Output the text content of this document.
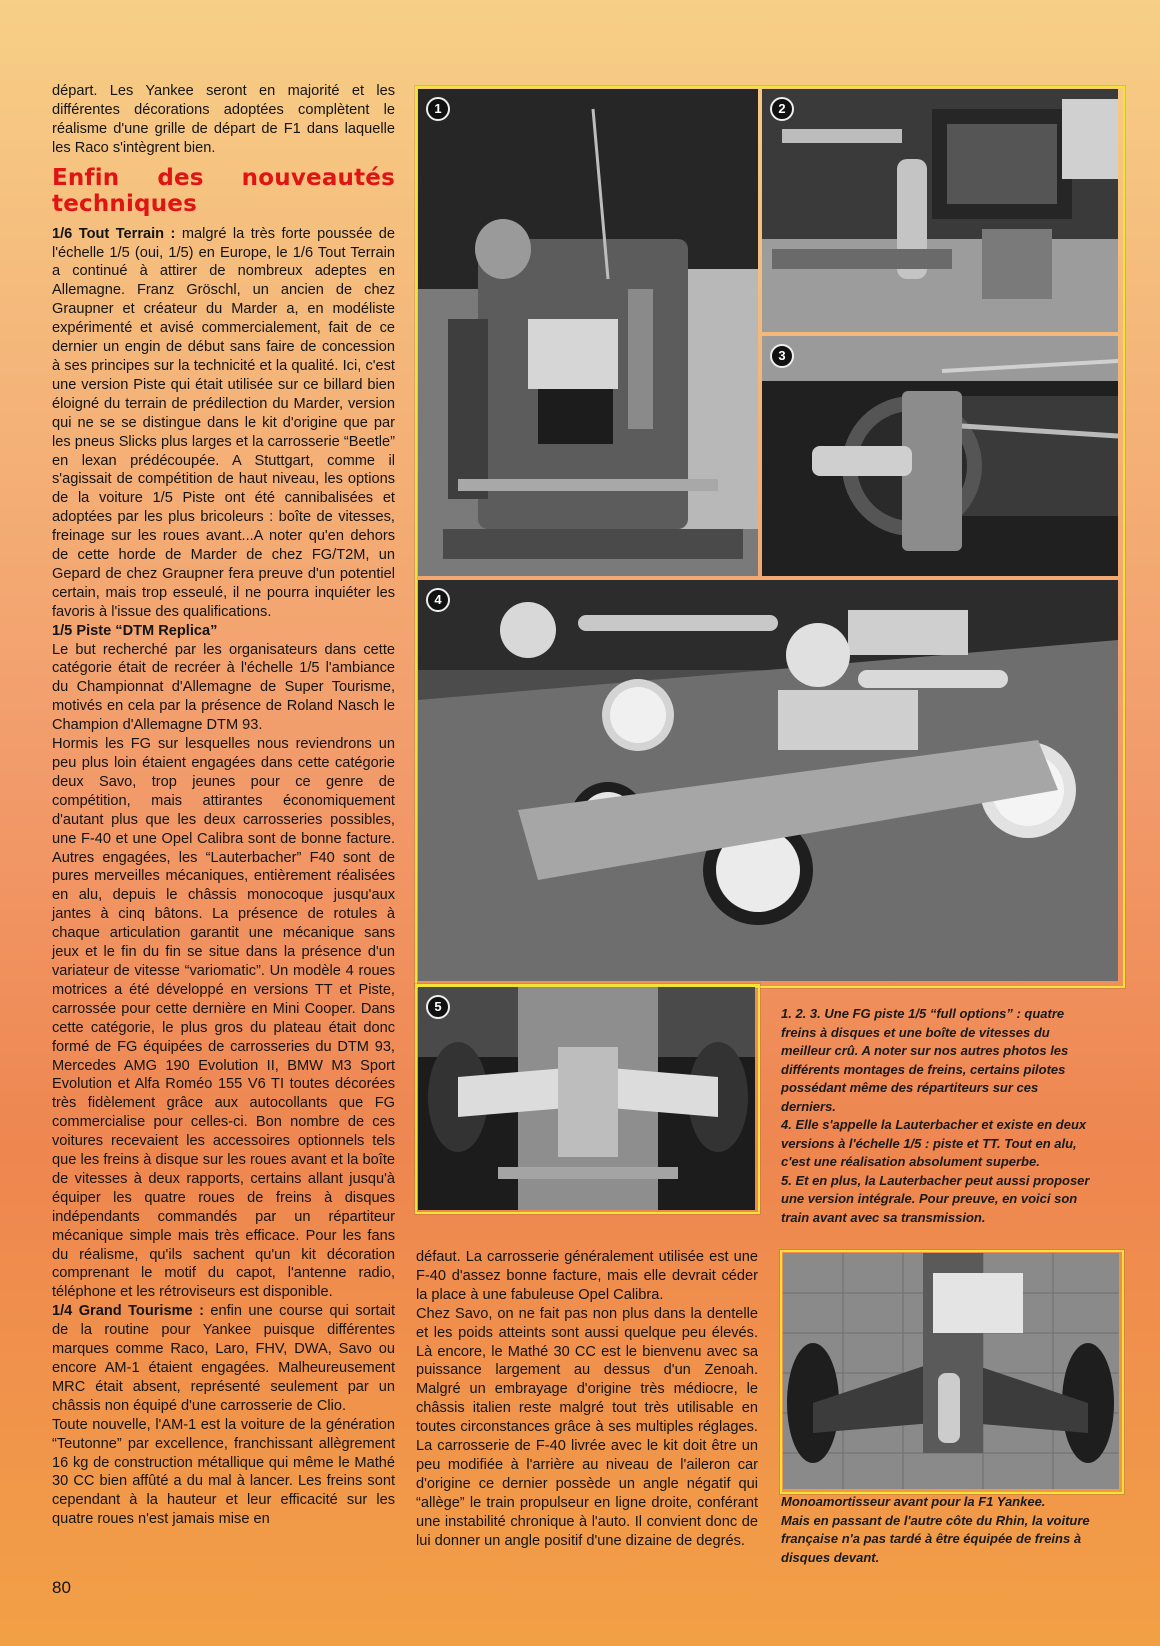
départ. Les Yankee seront en majorité et les différentes décorations adoptées complètent le réalisme d'une grille de départ de F1 dans laquelle les Raco s'intègrent bien.

Enfin des nouveautés techniques

1/6 Tout Terrain : malgré la très forte poussée de l'échelle 1/5 (oui, 1/5) en Europe, le 1/6 Tout Terrain a continué à attirer de nombreux adeptes en Allemagne. Franz Gröschl, un ancien de chez Graupner et créateur du Marder a, en modéliste expérimenté et avisé commercialement, fait de ce dernier un engin de début sans faire de concession à ses principes sur la technicité et la qualité. Ici, c'est une version Piste qui était utilisée sur ce billard bien éloigné du terrain de prédilection du Marder, version qui ne se se distingue dans le kit d'origine que par les pneus Slicks plus larges et la carrosserie “Beetle” en lexan prédécoupée. A Stuttgart, comme il s'agissait de compétition de haut niveau, les options de la voiture 1/5 Piste ont été cannibalisées et adoptées par les plus bricoleurs : boîte de vitesses, freinage sur les roues avant...A noter qu'en dehors de cette horde de Marder de chez FG/T2M, un Gepard de chez Graupner fera preuve d'un potentiel certain, mais trop esseulé, il ne pourra inquiéter les favoris à l'issue des qualifications.

1/5 Piste “DTM Replica”

Le but recherché par les organisateurs dans cette catégorie était de recréer à l'échelle 1/5 l'ambiance du Championnat d'Allemagne de Super Tourisme, motivés en cela par la présence de Roland Nasch le Champion d'Allemagne DTM 93.

Hormis les FG sur lesquelles nous reviendrons un peu plus loin étaient engagées dans cette catégorie deux Savo, trop jeunes pour ce genre de compétition, mais attirantes économiquement d'autant plus que les deux carrosseries possibles, une F-40 et une Opel Calibra sont de bonne facture. Autres engagées, les “Lauterbacher” F40 sont de pures merveilles mécaniques, entièrement réalisées en alu, depuis le châssis monocoque jusqu'aux jantes à cinq bâtons. La présence de rotules à chaque articulation garantit une mécanique sans jeux et le fin du fin se situe dans la présence d'un variateur de vitesse “variomatic”. Un modèle 4 roues motrices a été développé en versions TT et Piste, carrossée pour cette dernière en Mini Cooper. Dans cette catégorie, le plus gros du plateau était donc formé de FG équipées de carrosseries du DTM 93, Mercedes AMG 190 Evolution II, BMW M3 Sport Evolution et Alfa Roméo 155 V6 TI toutes décorées très fidèlement grâce aux autocollants que FG commercialise pour celles-ci. Bon nombre de ces voitures recevaient les accessoires optionnels tels que les freins à disque sur les roues avant et la boîte de vitesses à deux rapports, certains allant jusqu'à équiper les quatre roues de freins à disques indépendants commandés par un répartiteur mécanique simple mais très efficace. Pour les fans du réalisme, qu'ils sachent qu'un kit décoration comprenant le motif du capot, l'antenne radio, téléphone et les rétroviseurs est disponible.

1/4 Grand Tourisme : enfin une course qui sortait de la routine pour Yankee puisque différentes marques comme Raco, Laro, FHV, DWA, Savo ou encore AM-1 étaient engagées. Malheureusement MRC était absent, représenté seulement par un châssis non équipé d'une carrosserie de Clio.

Toute nouvelle, l'AM-1 est la voiture de la génération “Teutonne” par excellence, franchissant allègrement 16 kg de construction métallique qui même le Mathé 30 CC bien affûté a du mal à lancer. Les freins sont cependant à la hauteur et leur efficacité sur les quatre roues n'est jamais mise en

défaut. La carrosserie généralement utilisée est une F-40 d'assez bonne facture, mais elle devrait céder la place à une fabuleuse Opel Calibra.

Chez Savo, on ne fait pas non plus dans la dentelle et les poids atteints sont aussi quelque peu élevés. Là encore, le Mathé 30 CC est le bienvenu avec sa puissance largement au dessus d'un Zenoah. Malgré un embrayage d'origine très médiocre, le châssis italien reste malgré tout très utilisable en toutes circonstances grâce à ses multiples réglages. La carrosserie de F-40 livrée avec le kit doit être un peu modifiée à l'arrière au niveau de l'aileron car d'origine ce dernier possède un angle négatif qui “allège” le train propulseur en ligne droite, conférant une instabilité chronique à l'auto. Il convient donc de lui donner un angle positif d'une dizaine de degrés.

1	2
3
4
5	1. 2. 3. Une FG piste 1/5 “full options” : quatre freins à disques et une boîte de vitesses du meilleur crû. A noter sur nos autres photos les différents montages de freins, certains pilotes possédant même des répartiteurs sur ces derniers.

4. Elle s'appelle la Lauterbacher et existe en deux versions à l'échelle 1/5 : piste et TT. Tout en alu, c'est une réalisation absolument superbe.

5. Et en plus, la Lauterbacher peut aussi proposer une version intégrale. Pour preuve, en voici son train avant avec sa transmission.

Monoamortisseur avant pour la F1 Yankee.

Mais en passant de l'autre côte du Rhin, la voiture française n'a pas tardé à être équipée de freins à disques devant.

80
